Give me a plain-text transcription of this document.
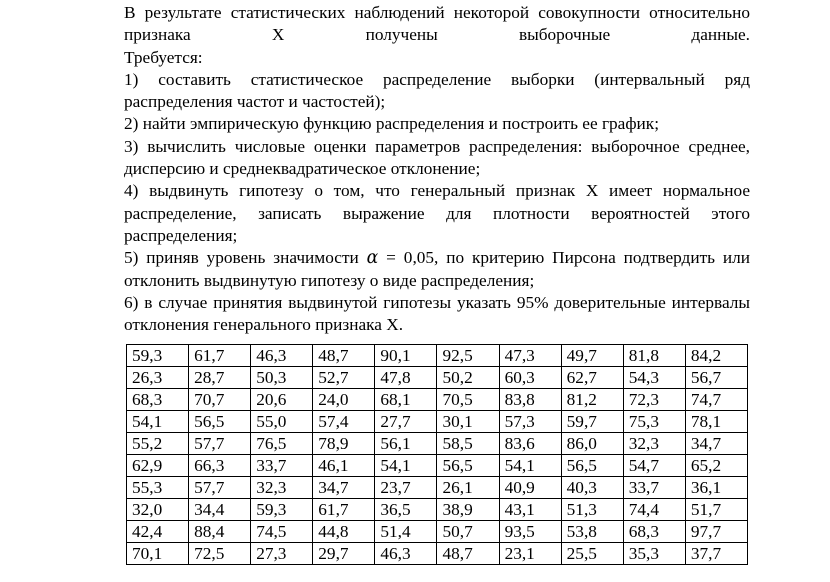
В результате статистических наблюдений некоторой совокупности относительно признака X получены выборочные данные.

Требуется:

1) составить статистическое распределение выборки (интервальный ряд распределения частот и частостей);

2) найти эмпирическую функцию распределения и построить ее график;

3) вычислить числовые оценки параметров распределения: выборочное среднее, дисперсию и среднеквадратическое отклонение;

4) выдвинуть гипотезу о том, что генеральный признак X имеет нормальное распределение, записать выражение для плотности вероятностей этого распределения;

5) приняв уровень значимости α = 0,05, по критерию Пирсона подтвердить или отклонить выдвинутую гипотезу о виде распределения;

6) в случае принятия выдвинутой гипотезы указать 95% доверительные интервалы отклонения генерального признака X.

59,3	61,7	46,3	48,7	90,1	92,5	47,3	49,7	81,8	84,2
26,3	28,7	50,3	52,7	47,8	50,2	60,3	62,7	54,3	56,7
68,3	70,7	20,6	24,0	68,1	70,5	83,8	81,2	72,3	74,7
54,1	56,5	55,0	57,4	27,7	30,1	57,3	59,7	75,3	78,1
55,2	57,7	76,5	78,9	56,1	58,5	83,6	86,0	32,3	34,7
62,9	66,3	33,7	46,1	54,1	56,5	54,1	56,5	54,7	65,2
55,3	57,7	32,3	34,7	23,7	26,1	40,9	40,3	33,7	36,1
32,0	34,4	59,3	61,7	36,5	38,9	43,1	51,3	74,4	51,7
42,4	88,4	74,5	44,8	51,4	50,7	93,5	53,8	68,3	97,7
70,1	72,5	27,3	29,7	46,3	48,7	23,1	25,5	35,3	37,7
